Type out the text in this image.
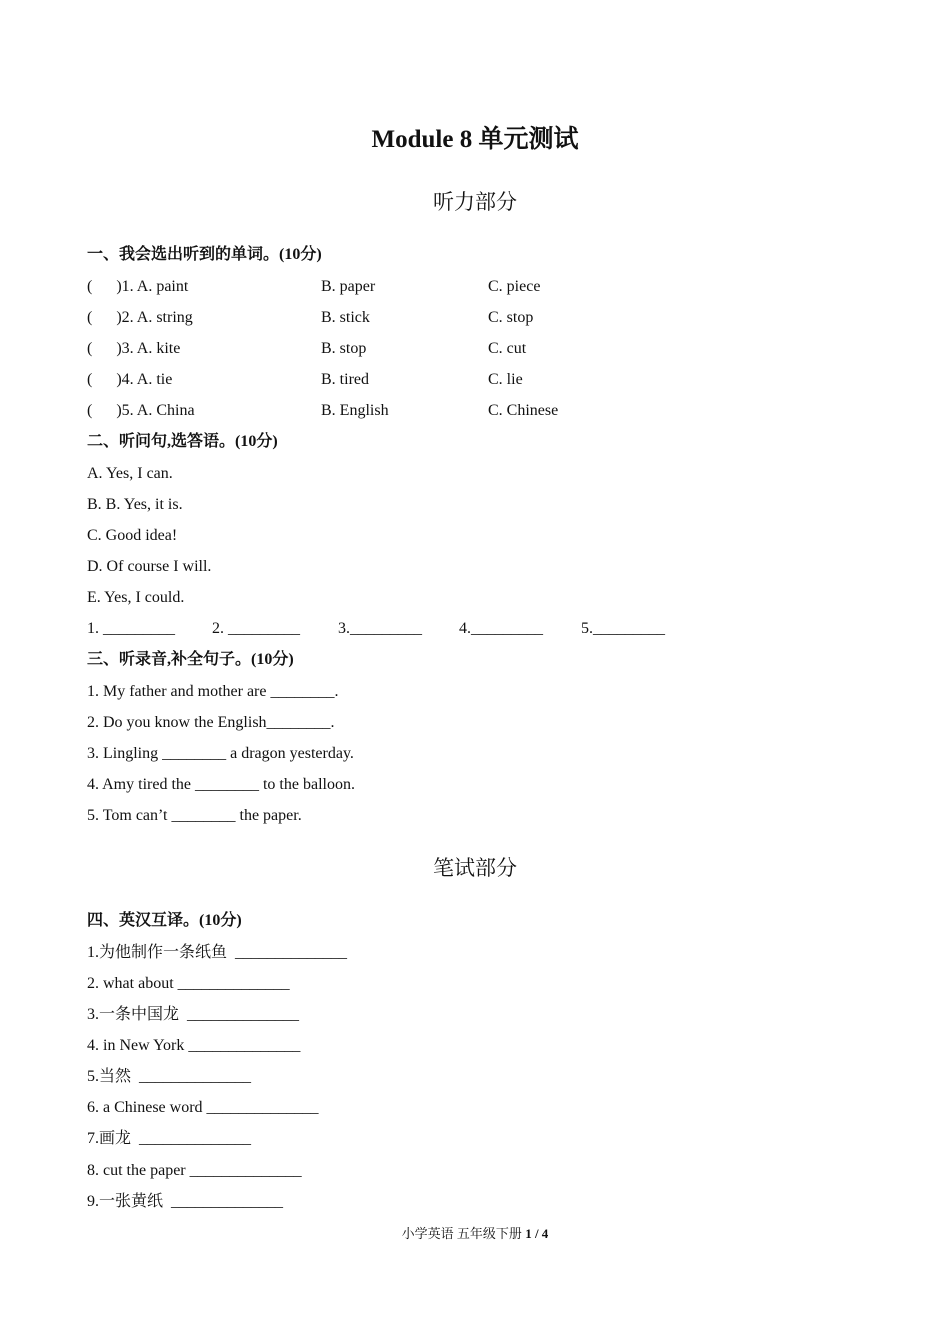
Module 8 单元测试
听力部分
一、我会选出听到的单词。(10分)
(      )1. A. paint	B. paper	C. piece
(      )2. A. string	B. stick	C. stop
(      )3. A. kite	B. stop	C. cut
(      )4. A. tie	B. tired	C. lie
(      )5. A. China	B. English	C. Chinese
二、听问句,选答语。(10分)
A. Yes, I can.
B. B. Yes, it is.
C. Good idea!
D. Of course I will.
E. Yes, I could.
1. _________ 2. _________ 3._________ 4._________ 5._________
三、听录音,补全句子。(10分)
1. My father and mother are ________.
2. Do you know the English________.
3. Lingling ________ a dragon yesterday.
4. Amy tired the ________ to the balloon.
5. Tom can’t ________ the paper.
笔试部分
四、英汉互译。(10分)
1.为他制作一条纸鱼  ______________
2. what about ______________
3.一条中国龙  ______________
4. in New York ______________
5.当然  ______________
6. a Chinese word ______________
7.画龙  ______________
8. cut the paper ______________
9.一张黄纸  ______________
小学英语 五年级下册 1 / 4
